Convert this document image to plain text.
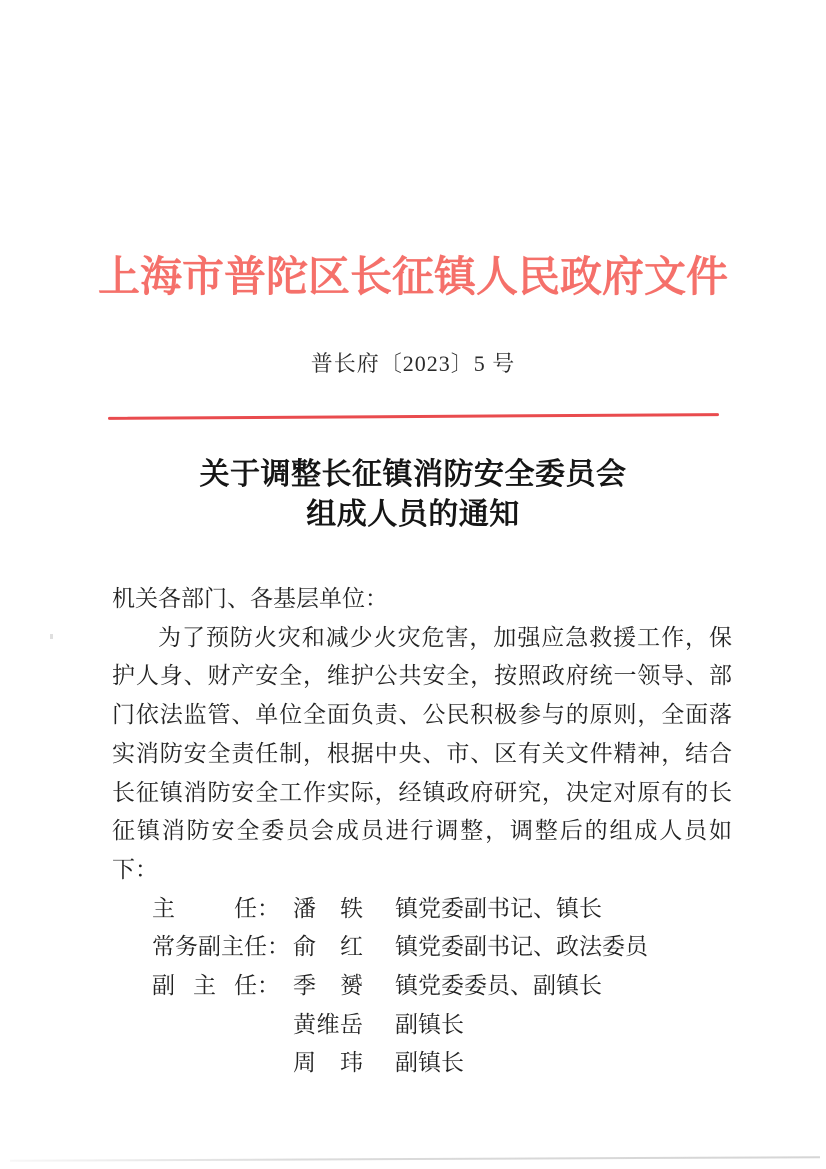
上海市普陀区长征镇人民政府文件
普长府〔2023〕5 号
关于调整长征镇消防安全委员会
组成人员的通知

机关各部门、各基层单位：

为了预防火灾和减少火灾危害，加强应急救援工作，保护人身、财产安全，维护公共安全，按照政府统一领导、部门依法监管、单位全面负责、公民积极参与的原则，全面落实消防安全责任制，根据中央、市、区有关文件精神，结合长征镇消防安全工作实际，经镇政府研究，决定对原有的长征镇消防安全委员会成员进行调整，调整后的组成人员如下：

主	任： 潘 轶 镇党委副书记、镇长
常 务 副 主 任： 俞 红 镇党委副书记、政法委员
副 主 任： 季 赟 镇党委委员、副镇长
黄 维 岳 副镇长
周 玮 副镇长
